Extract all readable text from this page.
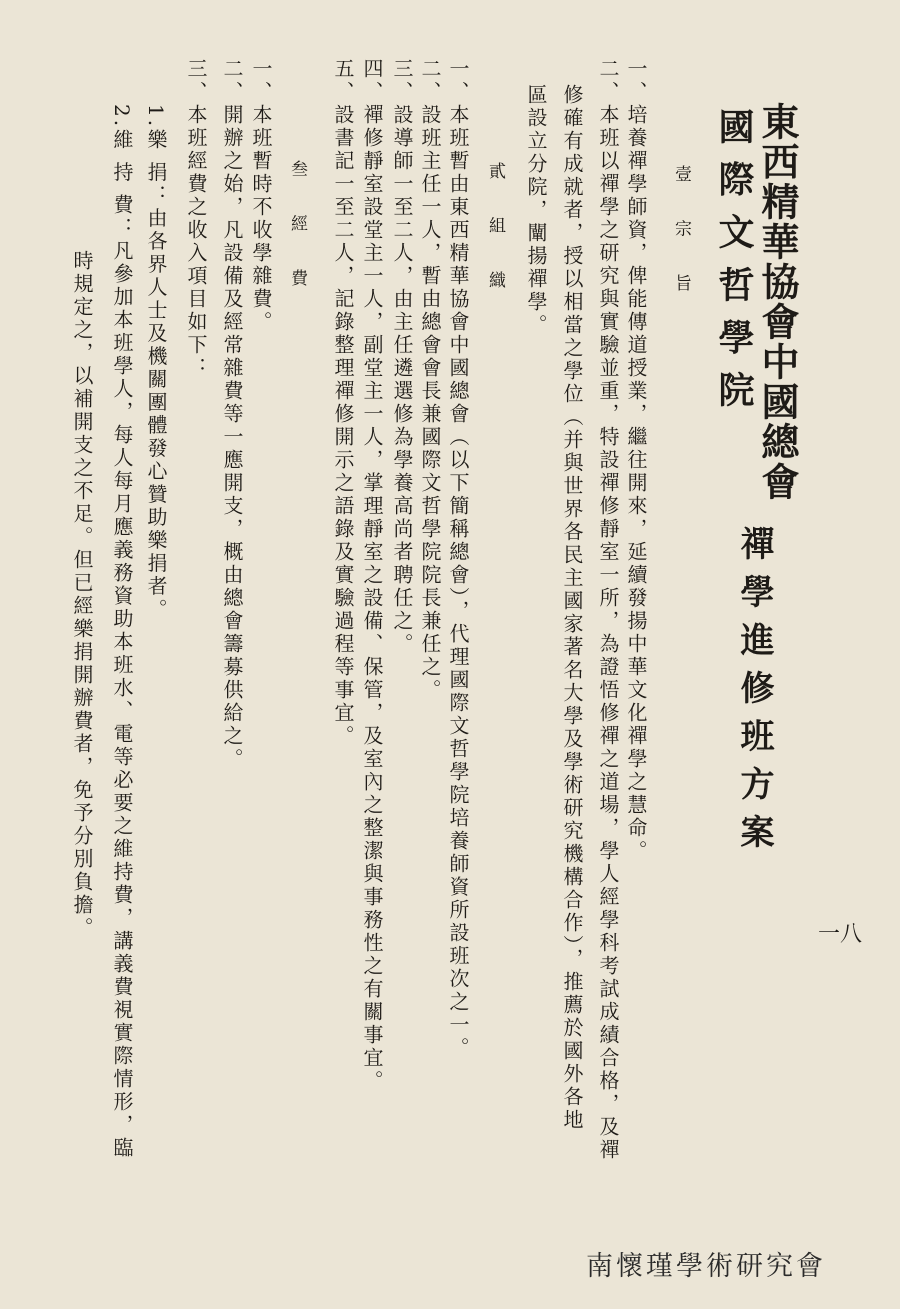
東西精華協會中國總會
國 際 文 哲 學 院
禪學進修班方案
一八
壹 宗 旨
一、培養禪學師資，俾能傳道授業，繼往開來，延續發揚中華文化禪學之慧命。
二、本班以禪學之研究與實驗並重，特設禪修靜室一所，為證悟修禪之道場，學人經學科考試成績合格，及禪
修確有成就者，授以相當之學位（并與世界各民主國家著名大學及學術研究機構合作），推薦於國外各地
區設立分院，闡揚禪學。
貳 組 織
一、本班暫由東西精華協會中國總會（以下簡稱總會），代理國際文哲學院培養師資所設班次之一。
二、設班主任一人，暫由總會會長兼國際文哲學院院長兼任之。
三、設導師一至二人，由主任遴選修為學養高尚者聘任之。
四、禪修靜室設堂主一人，副堂主一人，掌理靜室之設備、保管，及室內之整潔與事務性之有關事宜。
五、設書記一至二人，記錄整理禪修開示之語錄及實驗過程等事宜。
叁 經 費
一、本班暫時不收學雜費。
二、開辦之始，凡設備及經常雜費等一應開支，概由總會籌募供給之。
三、本班經費之收入項目如下：
1.樂 捐：由各界人士及機關團體發心贊助樂捐者。
2.維 持 費：凡參加本班學人，每人每月應義務資助本班水、電等必要之維持費，講義費視實際情形，臨
時規定之，以補開支之不足。但已經樂捐開辦費者，免予分別負擔。
南懷瑾學術研究會
